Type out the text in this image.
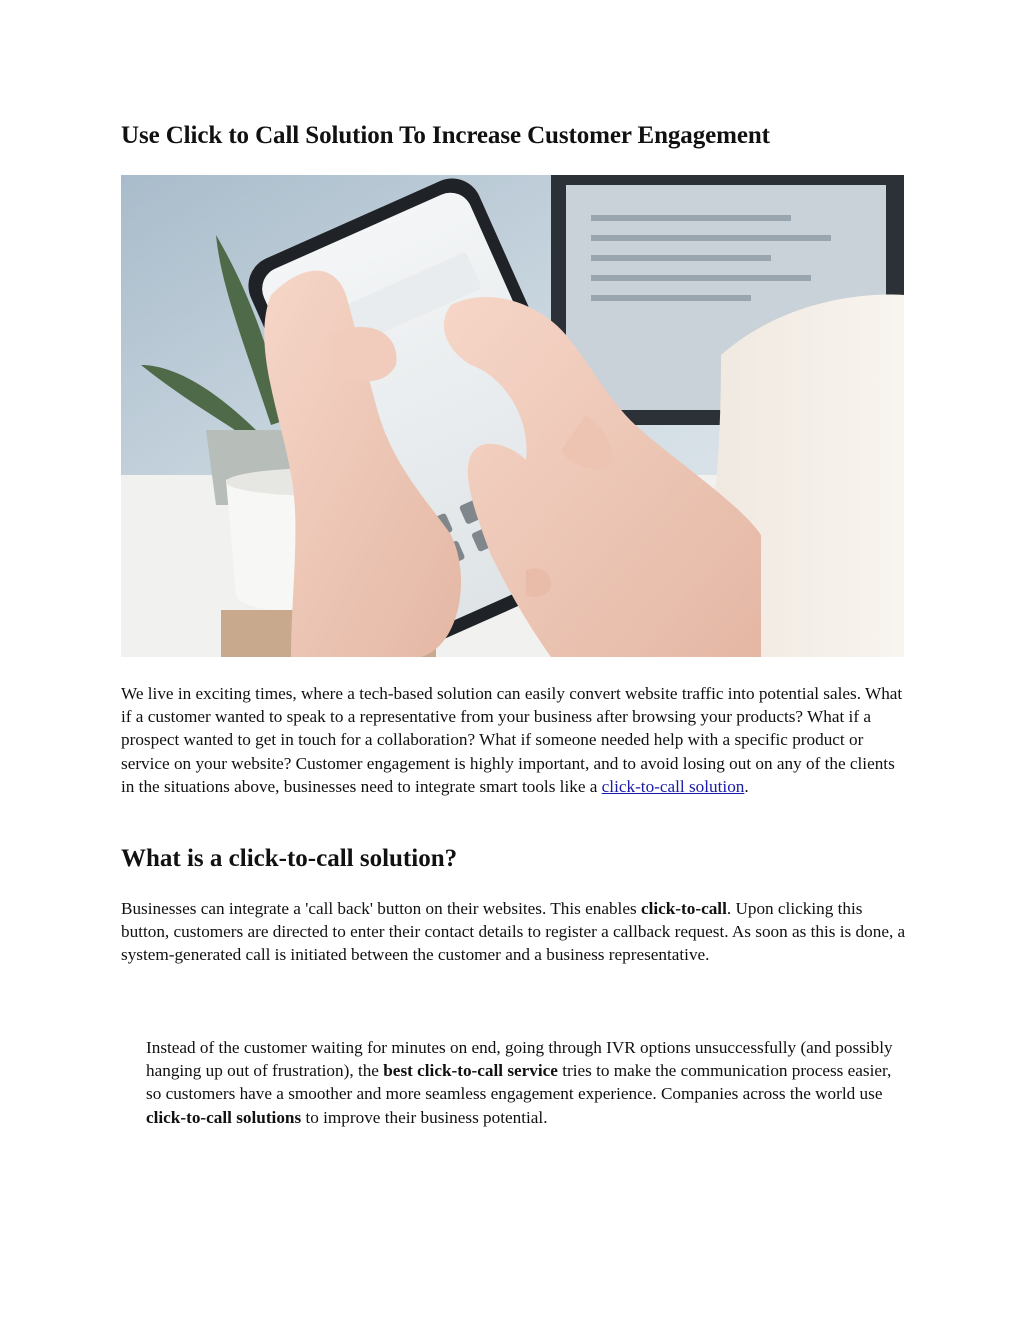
Use Click to Call Solution To Increase Customer Engagement

We live in exciting times, where a tech-based solution can easily convert website traffic into potential sales. What if a customer wanted to speak to a representative from your business after browsing your products? What if a prospect wanted to get in touch for a collaboration? What if someone needed help with a specific product or service on your website? Customer engagement is highly important, and to avoid losing out on any of the clients in the situations above, businesses need to integrate smart tools like a click-to-call solution.

What is a click-to-call solution?

Businesses can integrate a 'call back' button on their websites. This enables click-to-call. Upon clicking this button, customers are directed to enter their contact details to register a callback request. As soon as this is done, a system-generated call is initiated between the customer and a business representative.

Instead of the customer waiting for minutes on end, going through IVR options unsuccessfully (and possibly hanging up out of frustration), the best click-to-call service tries to make the communication process easier, so customers have a smoother and more seamless engagement experience. Companies across the world use click-to-call solutions to improve their business potential.
